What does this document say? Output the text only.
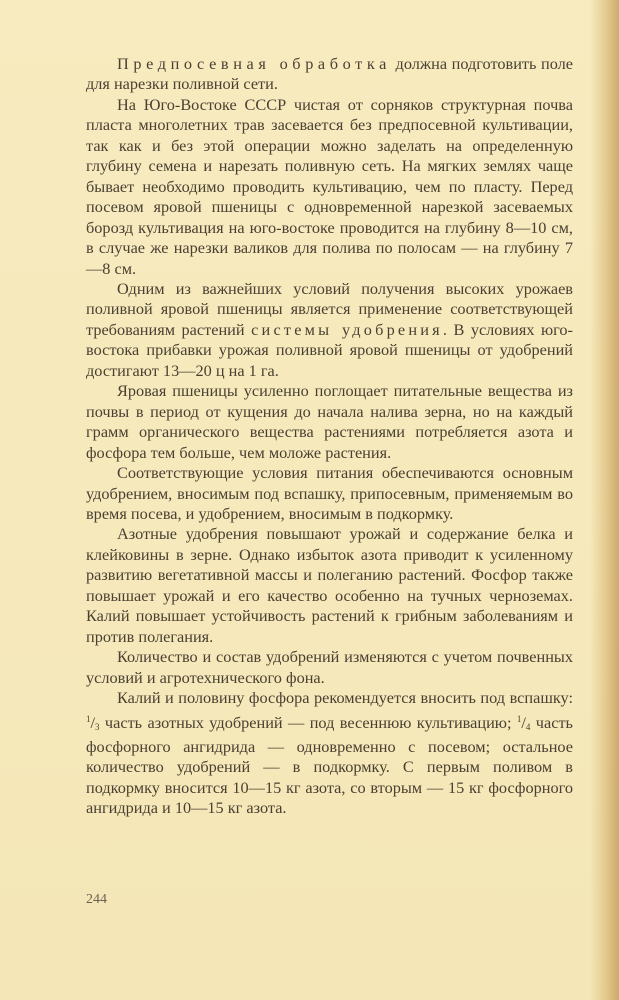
Предпосевная обработка должна подготовить поле для нарезки поливной сети.

На Юго-Востоке СССР чистая от сорняков структурная почва пласта многолетних трав засевается без предпосевной культивации, так как и без этой операции можно заделать на определенную глубину семена и нарезать поливную сеть. На мягких землях чаще бывает необходимо проводить культивацию, чем по пласту. Перед посевом яровой пшеницы с одновременной нарезкой засеваемых борозд культивация на юго-востоке проводится на глубину 8—10 см, в случае же нарезки валиков для полива по полосам — на глубину 7—8 см.

Одним из важнейших условий получения высоких урожаев поливной яровой пшеницы является применение соответствующей требованиям растений системы удобрения. В условиях юго-востока прибавки урожая поливной яровой пшеницы от удобрений достигают 13—20 ц на 1 га.

Яровая пшеницы усиленно поглощает питательные вещества из почвы в период от кущения до начала налива зерна, но на каждый грамм органического вещества растениями потребляется азота и фосфора тем больше, чем моложе растения.

Соответствующие условия питания обеспечиваются основным удобрением, вносимым под вспашку, припосевным, применяемым во время посева, и удобрением, вносимым в подкормку.

Азотные удобрения повышают урожай и содержание белка и клейковины в зерне. Однако избыток азота приводит к усиленному развитию вегетативной массы и полеганию растений. Фосфор также повышает урожай и его качество особенно на тучных черноземах. Калий повышает устойчивость растений к грибным заболеваниям и против полегания.

Количество и состав удобрений изменяются с учетом почвенных условий и агротехнического фона.

Калий и половину фосфора рекомендуется вносить под вспашку: $^1/_3$ часть азотных удобрений — под весеннюю культивацию; $^1/_4$ часть фосфорного ангидрида — одновременно с посевом; остальное количество удобрений — в подкормку. С первым поливом в подкормку вносится 10—15 кг азота, со вторым — 15 кг фосфорного ангидрида и 10—15 кг азота.

244
